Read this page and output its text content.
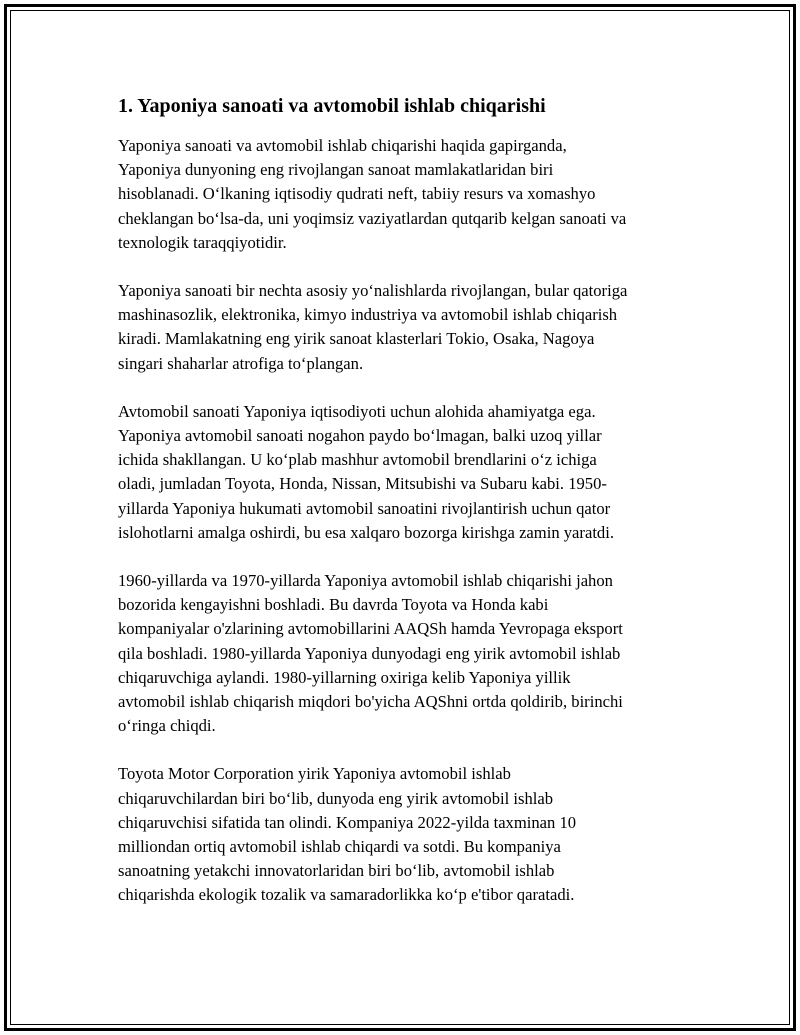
1. Yaponiya sanoati va avtomobil ishlab chiqarishi

Yaponiya sanoati va avtomobil ishlab chiqarishi haqida gapirganda,
Yaponiya dunyoning eng rivojlangan sanoat mamlakatlaridan biri
hisoblanadi. O‘lkaning iqtisodiy qudrati neft, tabiiy resurs va xomashyo
cheklangan bo‘lsa-da, uni yoqimsiz vaziyatlardan qutqarib kelgan sanoati va
texnologik taraqqiyotidir.

Yaponiya sanoati bir nechta asosiy yo‘nalishlarda rivojlangan, bular qatoriga
mashinasozlik, elektronika, kimyo industriya va avtomobil ishlab chiqarish
kiradi. Mamlakatning eng yirik sanoat klasterlari Tokio, Osaka, Nagoya
singari shaharlar atrofiga to‘plangan.

Avtomobil sanoati Yaponiya iqtisodiyoti uchun alohida ahamiyatga ega.
Yaponiya avtomobil sanoati nogahon paydo bo‘lmagan, balki uzoq yillar
ichida shakllangan. U ko‘plab mashhur avtomobil brendlarini o‘z ichiga
oladi, jumladan Toyota, Honda, Nissan, Mitsubishi va Subaru kabi. 1950-
yillarda Yaponiya hukumati avtomobil sanoatini rivojlantirish uchun qator
islohotlarni amalga oshirdi, bu esa xalqaro bozorga kirishga zamin yaratdi.

1960-yillarda va 1970-yillarda Yaponiya avtomobil ishlab chiqarishi jahon
bozorida kengayishni boshladi. Bu davrda Toyota va Honda kabi
kompaniyalar o'zlarining avtomobillarini AAQSh hamda Yevropaga eksport
qila boshladi. 1980-yillarda Yaponiya dunyodagi eng yirik avtomobil ishlab
chiqaruvchiga aylandi. 1980-yillarning oxiriga kelib Yaponiya yillik
avtomobil ishlab chiqarish miqdori bo'yicha AQShni ortda qoldirib, birinchi
o‘ringa chiqdi.

Toyota Motor Corporation yirik Yaponiya avtomobil ishlab
chiqaruvchilardan biri bo‘lib, dunyoda eng yirik avtomobil ishlab
chiqaruvchisi sifatida tan olindi. Kompaniya 2022-yilda taxminan 10
milliondan ortiq avtomobil ishlab chiqardi va sotdi. Bu kompaniya
sanoatning yetakchi innovatorlaridan biri bo‘lib, avtomobil ishlab
chiqarishda ekologik tozalik va samaradorlikka ko‘p e'tibor qaratadi.
